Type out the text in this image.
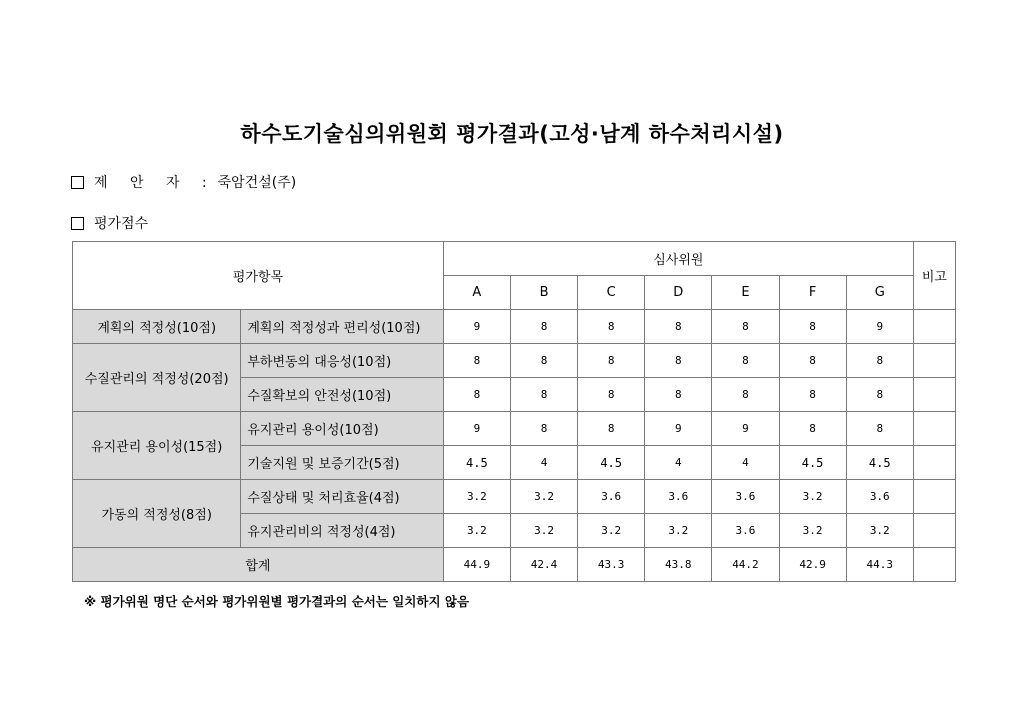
하수도기술심의위원회 평가결과(고성·남계 하수처리시설)
제 안 자 : 죽암건설(주)
평가점수
평가항목		심사위원							비고
		A	B	C	D	E	F	G	
계획의 적정성(10점)	계획의 적정성과 편리성(10점)	9	8	8	8	8	8	9	
수질관리의 적정성(20점)	부하변동의 대응성(10점)	8	8	8	8	8	8	8	
	수질확보의 안전성(10점)	8	8	8	8	8	8	8	
유지관리 용이성(15점)	유지관리 용이성(10점)	9	8	8	9	9	8	8	
	기술지원 및 보증기간(5점)	4.5	4	4.5	4	4	4.5	4.5	
가동의 적정성(8점)	수질상태 및 처리효율(4점)	3.2	3.2	3.6	3.6	3.6	3.2	3.6	
	유지관리비의 적정성(4점)	3.2	3.2	3.2	3.2	3.6	3.2	3.2	
합계		44.9	42.4	43.3	43.8	44.2	42.9	44.3	
※ 평가위원 명단 순서와 평가위원별 평가결과의 순서는 일치하지 않음
